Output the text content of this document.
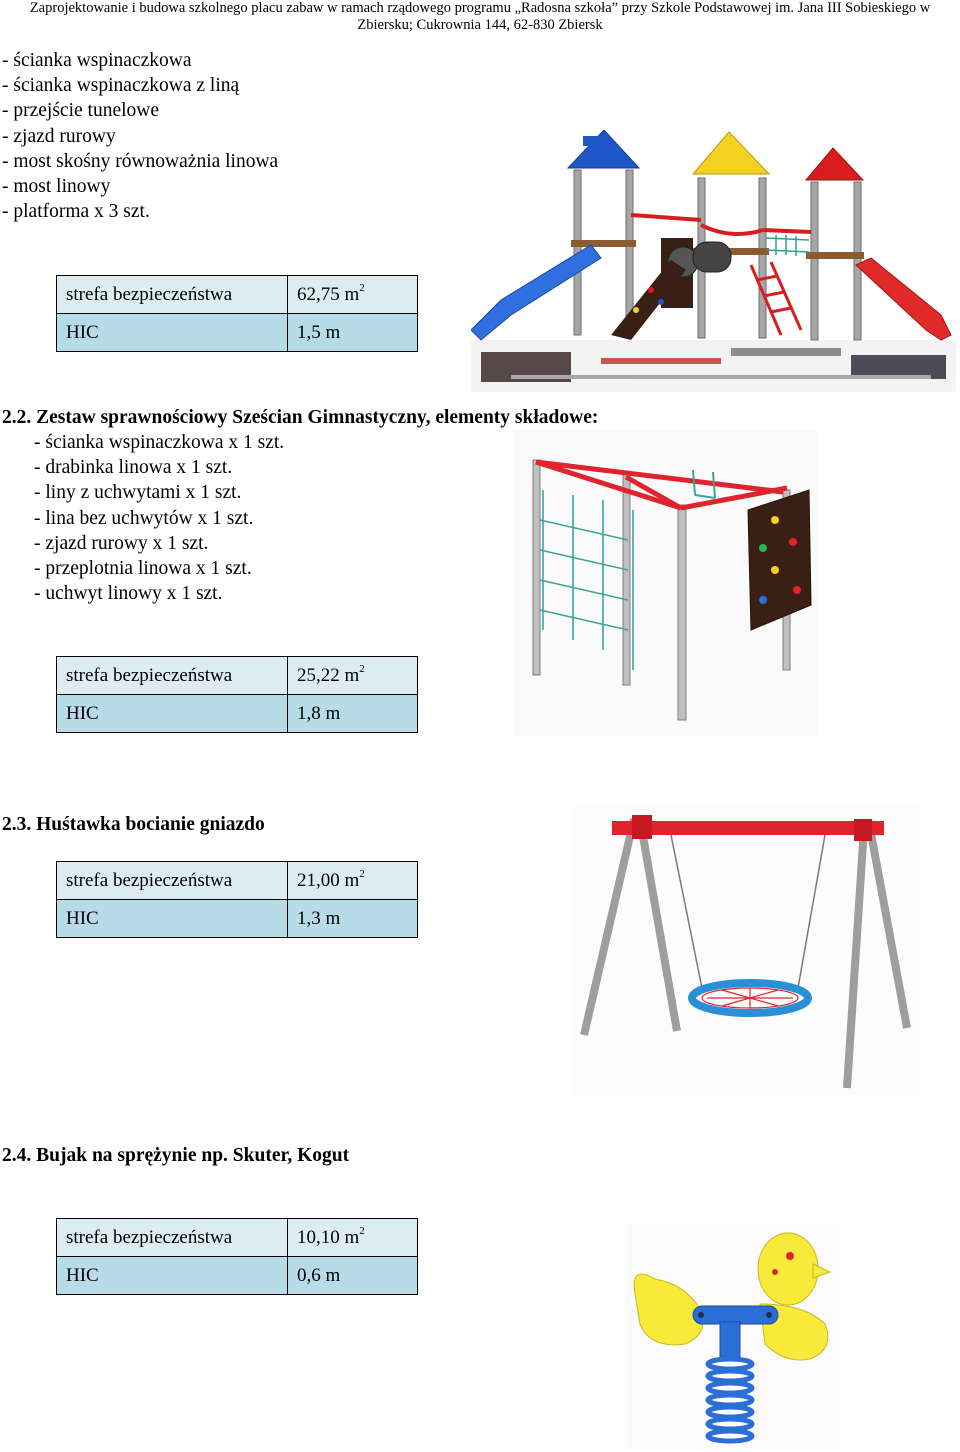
Zaprojektowanie i budowa szkolnego placu zabaw w ramach rządowego programu „Radosna szkoła” przy Szkole Podstawowej im. Jana III Sobieskiego w
Zbiersku; Cukrownia 144, 62-830 Zbiersk
- ścianka wspinaczkowa
- ścianka wspinaczkowa z liną
- przejście tunelowe
- zjazd rurowy
- most skośny równoważnia linowa
- most linowy
- platforma x 3 szt.
strefa bezpieczeństwa	62,75 $m^2$
HIC	1,5 m
2.2. Zestaw sprawnościowy Sześcian Gimnastyczny, elementy składowe:
- ścianka wspinaczkowa x 1 szt.
- drabinka linowa x 1 szt.
- liny z uchwytami x 1 szt.
- lina bez uchwytów x 1 szt.
- zjazd rurowy x 1 szt.
- przeplotnia linowa x 1 szt.
- uchwyt linowy x 1 szt.
strefa bezpieczeństwa	25,22 $m^2$
HIC	1,8 m
2.3. Huśtawka bocianie gniazdo
strefa bezpieczeństwa	21,00 $m^2$
HIC	1,3 m
2.4. Bujak na sprężynie np. Skuter, Kogut
strefa bezpieczeństwa	10,10 $m^2$
HIC	0,6 m
